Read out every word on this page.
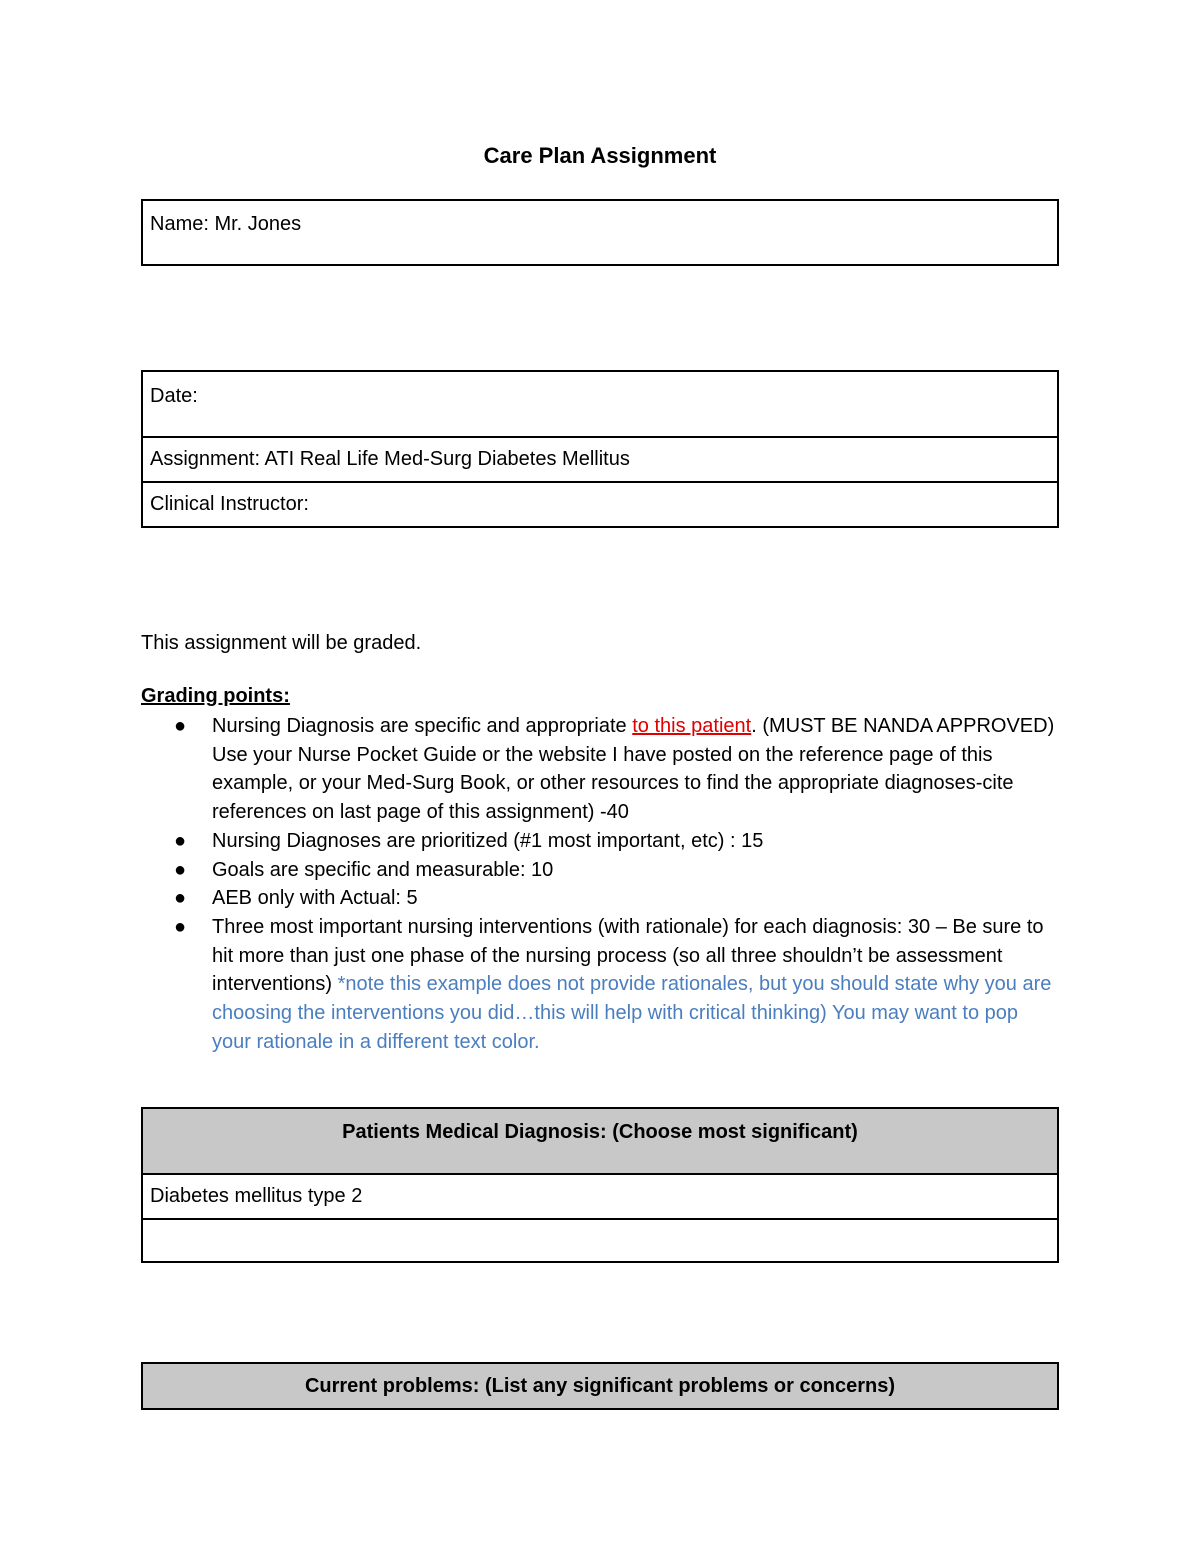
Care Plan Assignment
Name: Mr. Jones
Date:
Assignment: ATI Real Life Med-Surg Diabetes Mellitus
Clinical Instructor:
This assignment will be graded.
Grading points:
● Nursing Diagnosis are specific and appropriate to this patient. (MUST BE NANDA APPROVED) Use your Nurse Pocket Guide or the website I have posted on the reference page of this example, or your Med-Surg Book, or other resources to find the appropriate diagnoses-cite references on last page of this assignment) -40
● Nursing Diagnoses are prioritized (#1 most important, etc) : 15
● Goals are specific and measurable: 10
● AEB only with Actual: 5
● Three most important nursing interventions (with rationale) for each diagnosis: 30 – Be sure to hit more than just one phase of the nursing process (so all three shouldn’t be assessment interventions) *note this example does not provide rationales, but you should state why you are choosing the interventions you did…this will help with critical thinking) You may want to pop your rationale in a different text color.
Patients Medical Diagnosis: (Choose most significant)
Diabetes mellitus type 2
Current problems: (List any significant problems or concerns)
